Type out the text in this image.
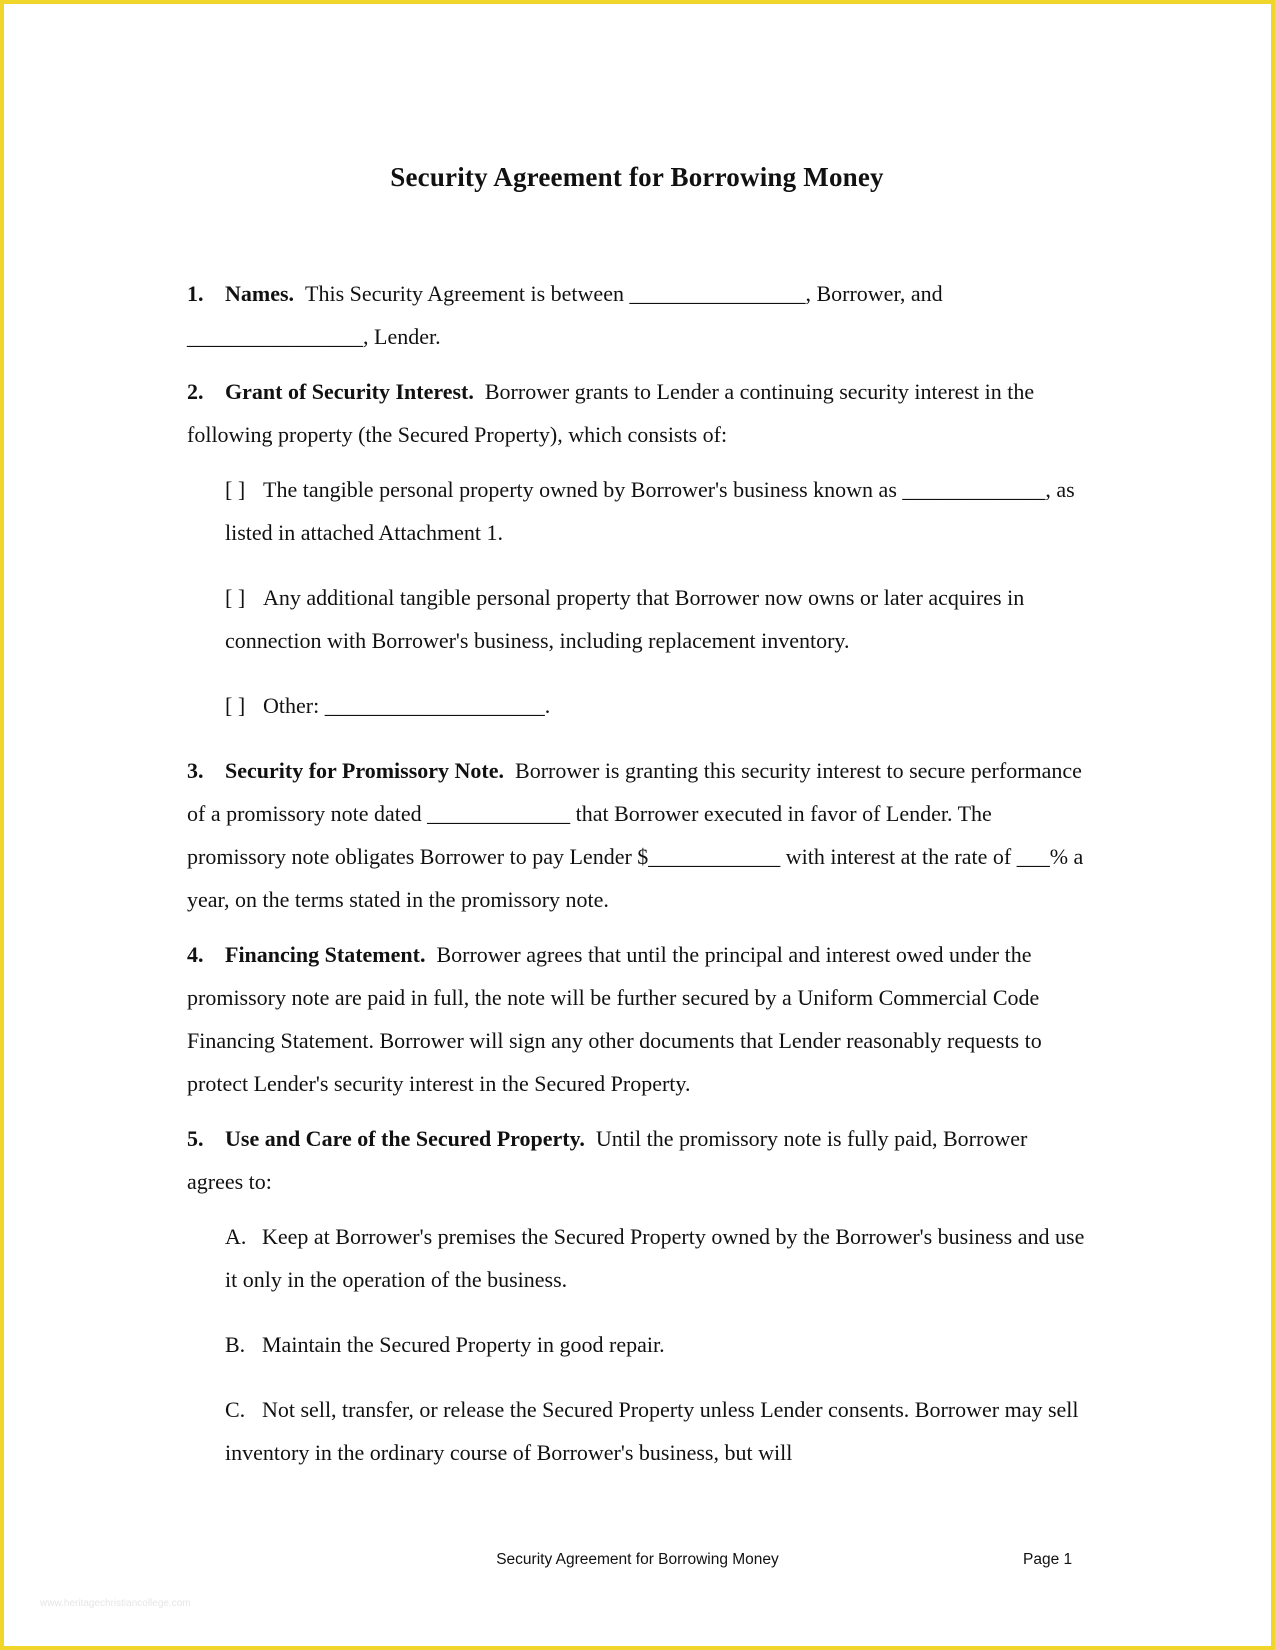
Security Agreement for Borrowing Money

1. Names. This Security Agreement is between ________________, Borrower, and ________________, Lender.

2. Grant of Security Interest. Borrower grants to Lender a continuing security interest in the following property (the Secured Property), which consists of:

[ ] The tangible personal property owned by Borrower's business known as _____________, as listed in attached Attachment 1.

[ ] Any additional tangible personal property that Borrower now owns or later acquires in connection with Borrower's business, including replacement inventory.

[ ] Other: ____________________.

3. Security for Promissory Note. Borrower is granting this security interest to secure performance of a promissory note dated _____________ that Borrower executed in favor of Lender. The promissory note obligates Borrower to pay Lender $____________ with interest at the rate of ___% a year, on the terms stated in the promissory note.

4. Financing Statement. Borrower agrees that until the principal and interest owed under the promissory note are paid in full, the note will be further secured by a Uniform Commercial Code Financing Statement. Borrower will sign any other documents that Lender reasonably requests to protect Lender's security interest in the Secured Property.

5. Use and Care of the Secured Property. Until the promissory note is fully paid, Borrower agrees to:

A. Keep at Borrower's premises the Secured Property owned by the Borrower's business and use it only in the operation of the business.

B. Maintain the Secured Property in good repair.

C. Not sell, transfer, or release the Secured Property unless Lender consents. Borrower may sell inventory in the ordinary course of Borrower's business, but will

Security Agreement for Borrowing Money	Page 1
www.heritagechristiancollege.com
